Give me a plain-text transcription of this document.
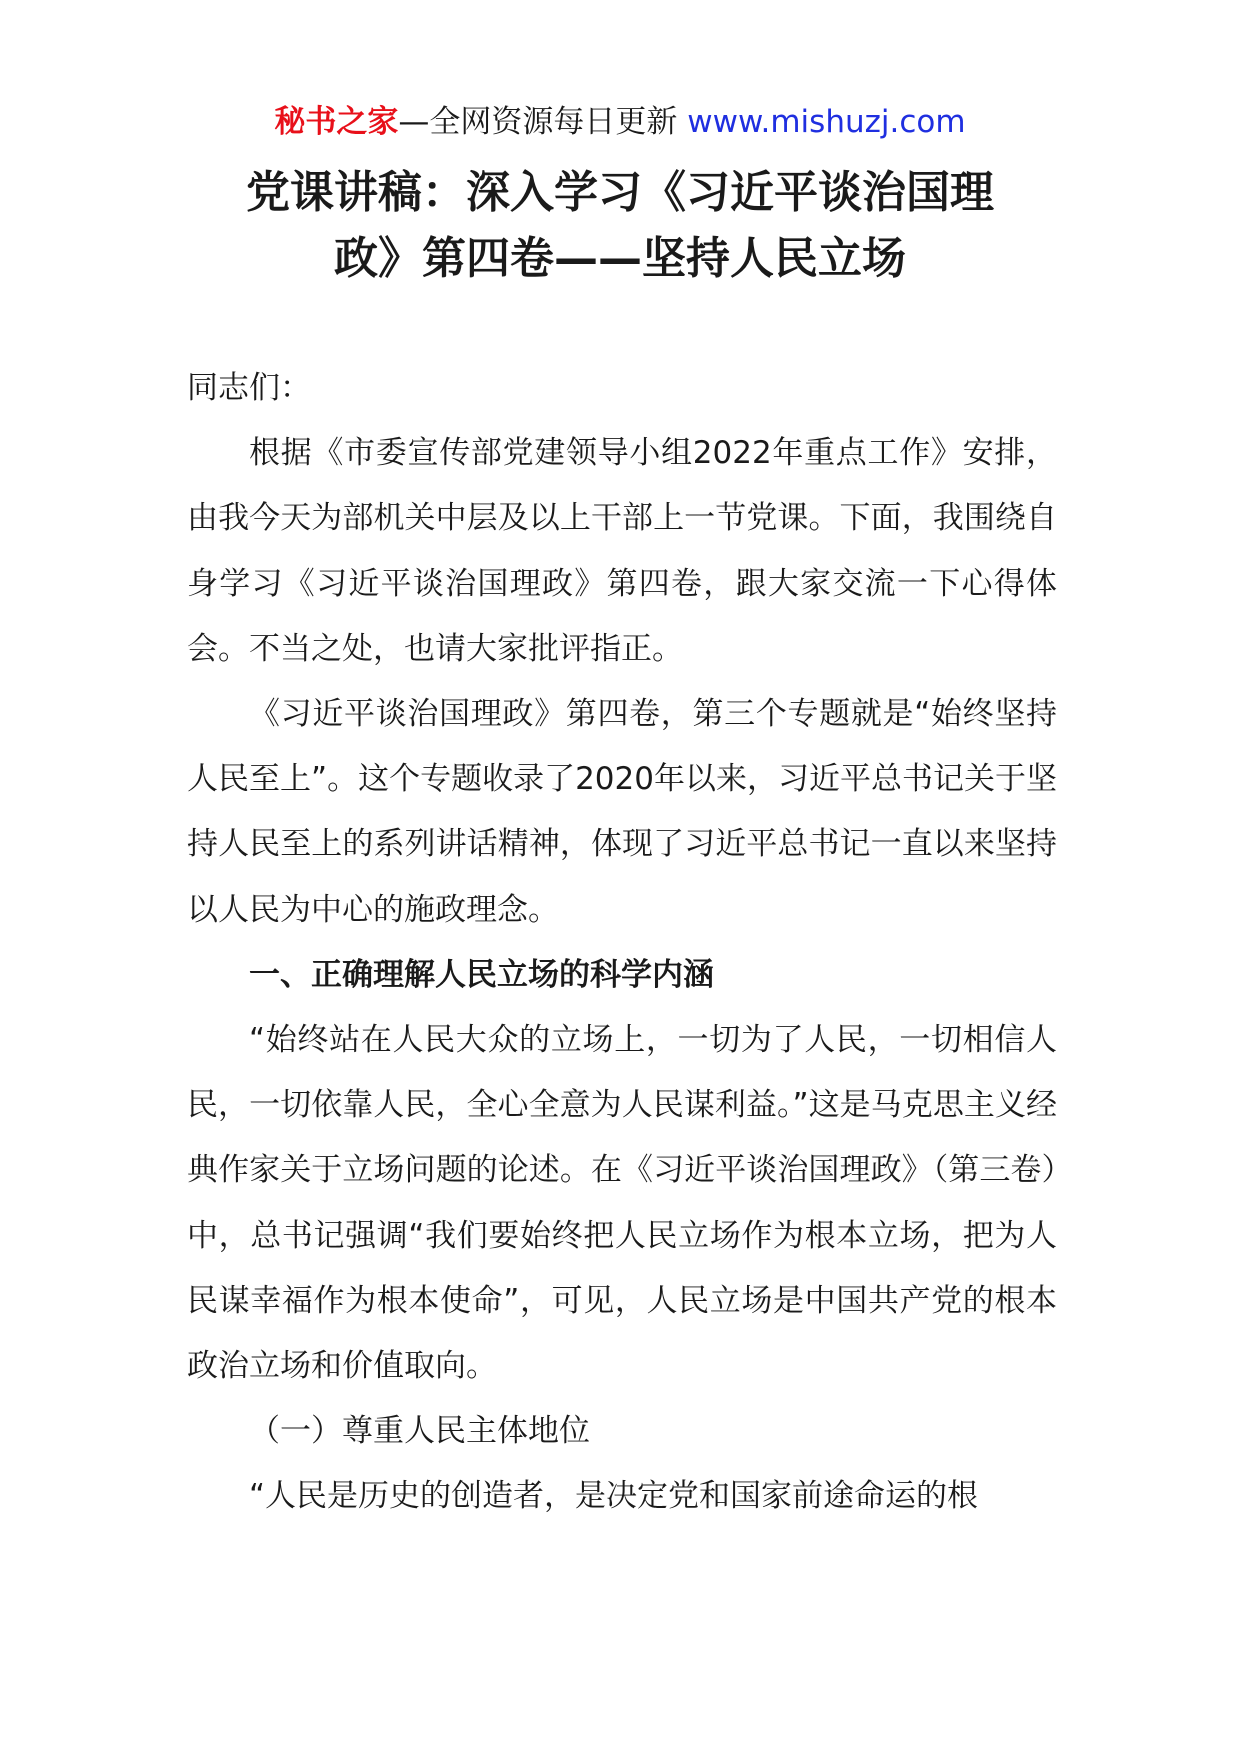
秘书之家—全网资源每日更新 www.mishuzj.com
党课讲稿：深入学习《习近平谈治国理
政》第四卷——坚持人民立场

同志们：

根据《市委宣传部党建领导小组2022年重点工作》安排，由我今天为部机关中层及以上干部上一节党课。下面，我围绕自身学习《习近平谈治国理政》第四卷，跟大家交流一下心得体会。不当之处，也请大家批评指正。

《习近平谈治国理政》第四卷，第三个专题就是“始终坚持人民至上”。这个专题收录了2020年以来，习近平总书记关于坚持人民至上的系列讲话精神，体现了习近平总书记一直以来坚持以人民为中心的施政理念。

一、正确理解人民立场的科学内涵

“始终站在人民大众的立场上，一切为了人民，一切相信人民，一切依靠人民，全心全意为人民谋利益。”这是马克思主义经典作家关于立场问题的论述。在《习近平谈治国理政》（第三卷）中，总书记强调“我们要始终把人民立场作为根本立场，把为人民谋幸福作为根本使命”，可见，人民立场是中国共产党的根本政治立场和价值取向。

（一）尊重人民主体地位

“人民是历史的创造者，是决定党和国家前途命运的根
